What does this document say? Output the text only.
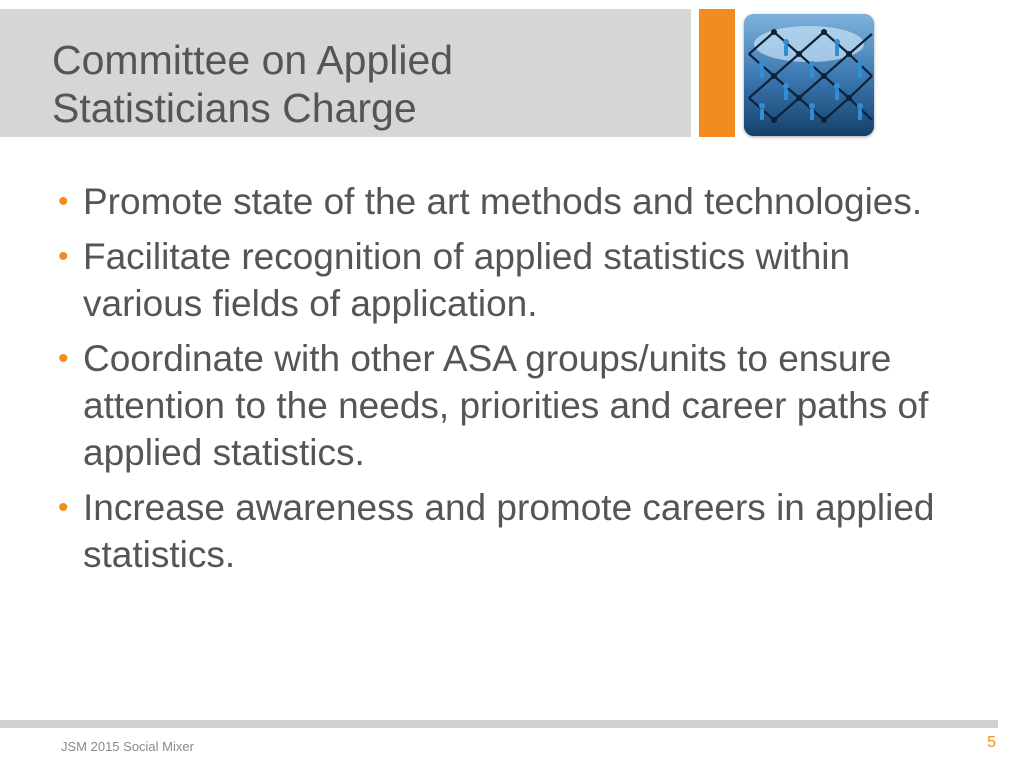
Committee on Applied
Statisticians Charge
• Promote state of the art methods and technologies.
• Facilitate recognition of applied statistics within various fields of application.
• Coordinate with other ASA groups/units to ensure attention to the needs, priorities and career paths of applied statistics.
• Increase awareness and promote careers in applied statistics.
JSM 2015 Social Mixer	5
